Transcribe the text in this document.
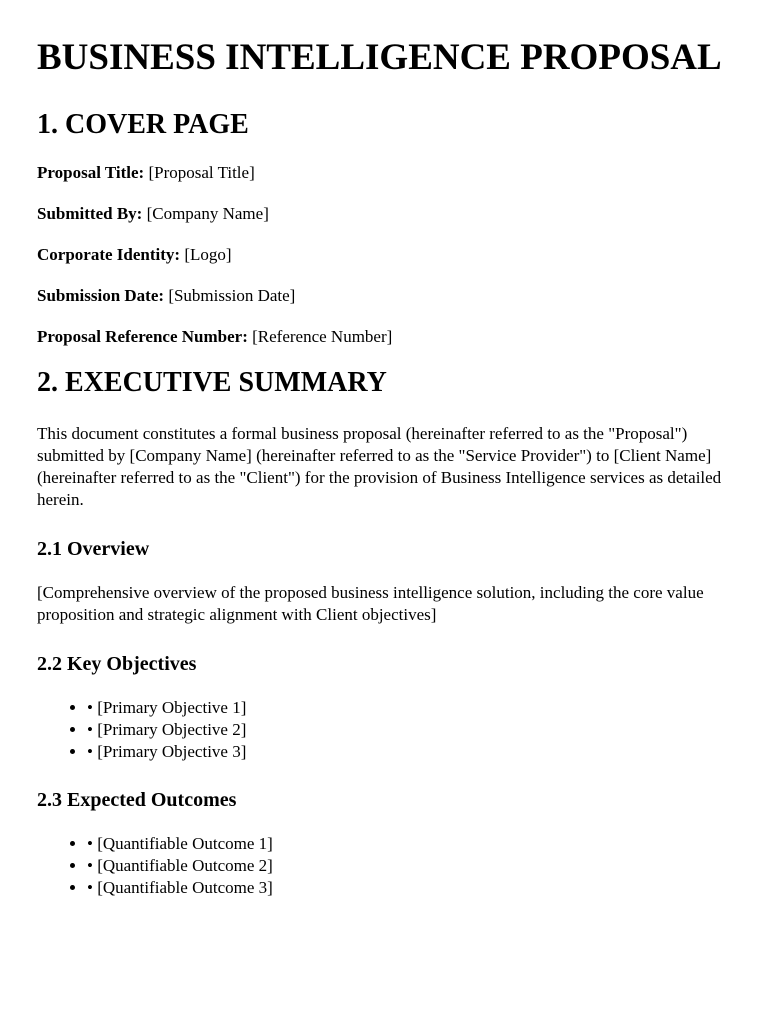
BUSINESS INTELLIGENCE PROPOSAL
1. COVER PAGE

Proposal Title: [Proposal Title]

Submitted By: [Company Name]

Corporate Identity: [Logo]

Submission Date: [Submission Date]

Proposal Reference Number: [Reference Number]

2. EXECUTIVE SUMMARY

This document constitutes a formal business proposal (hereinafter referred to as the "Proposal") submitted by [Company Name] (hereinafter referred to as the "Service Provider") to [Client Name] (hereinafter referred to as the "Client") for the provision of Business Intelligence services as detailed herein.

2.1 Overview

[Comprehensive overview of the proposed business intelligence solution, including the core value proposition and strategic alignment with Client objectives]

2.2 Key Objectives
• • [Primary Objective 1]
• • [Primary Objective 2]
• • [Primary Objective 3]
2.3 Expected Outcomes
• • [Quantifiable Outcome 1]
• • [Quantifiable Outcome 2]
• • [Quantifiable Outcome 3]
